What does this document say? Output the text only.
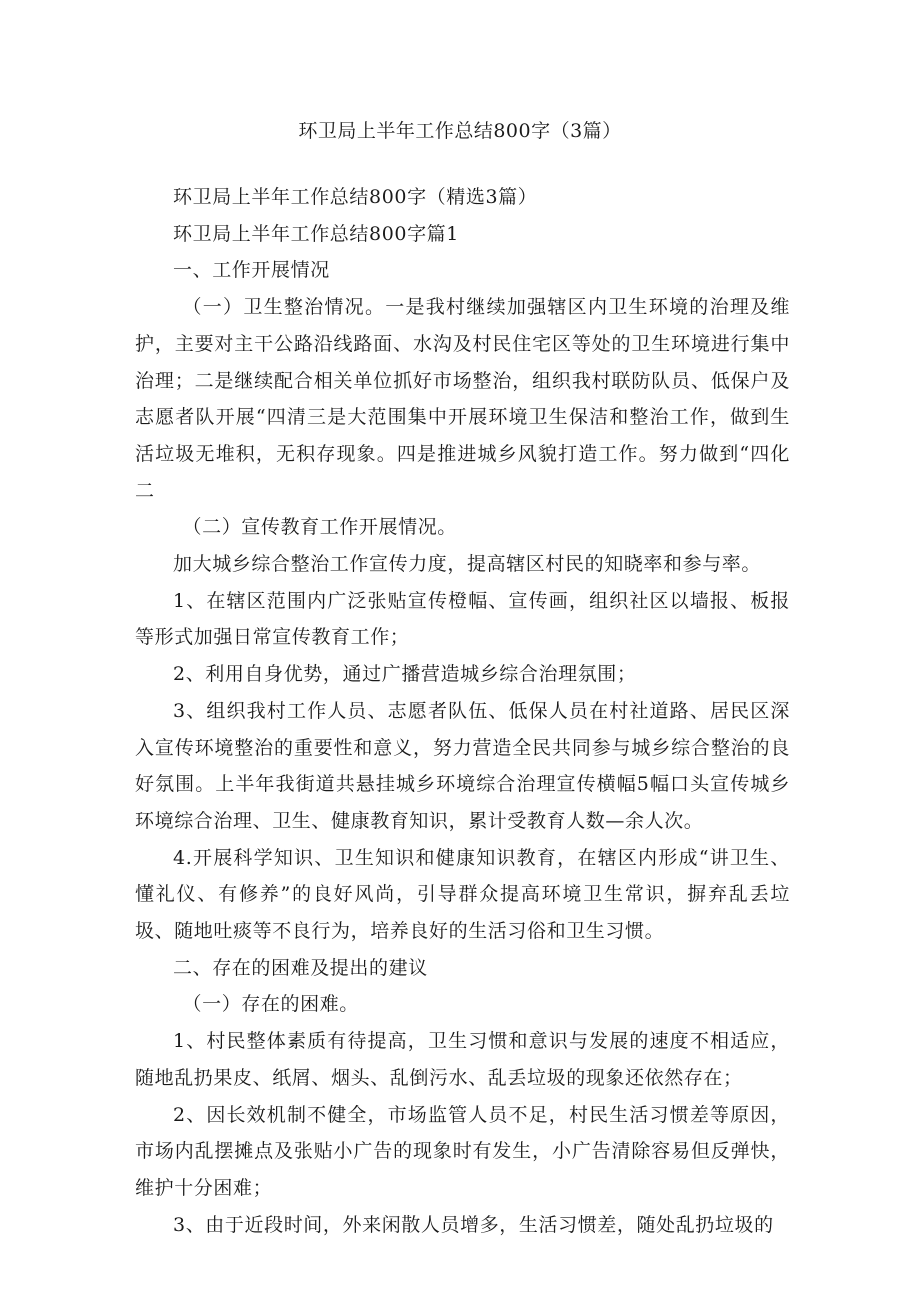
环卫局上半年工作总结800字（3篇）

环卫局上半年工作总结800字（精选3篇）

环卫局上半年工作总结800字篇1

一、工作开展情况

（一）卫生整治情况。一是我村继续加强辖区内卫生环境的治理及维护，主要对主干公路沿线路面、水沟及村民住宅区等处的卫生环境进行集中治理；二是继续配合相关单位抓好市场整治，组织我村联防队员、低保户及志愿者队开展“四清三是大范围集中开展环境卫生保洁和整治工作，做到生活垃圾无堆积，无积存现象。四是推进城乡风貌打造工作。努力做到“四化二

（二）宣传教育工作开展情况。

加大城乡综合整治工作宣传力度，提高辖区村民的知晓率和参与率。

1、在辖区范围内广泛张贴宣传橙幅、宣传画，组织社区以墙报、板报等形式加强日常宣传教育工作；

2、利用自身优势，通过广播营造城乡综合治理氛围；

3、组织我村工作人员、志愿者队伍、低保人员在村社道路、居民区深入宣传环境整治的重要性和意义，努力营造全民共同参与城乡综合整治的良好氛围。上半年我街道共悬挂城乡环境综合治理宣传横幅5幅口头宣传城乡环境综合治理、卫生、健康教育知识，累计受教育人数—余人次。

4.开展科学知识、卫生知识和健康知识教育，在辖区内形成“讲卫生、懂礼仪、有修养”的良好风尚，引导群众提高环境卫生常识，摒弃乱丢垃圾、随地吐痰等不良行为，培养良好的生活习俗和卫生习惯。

二、存在的困难及提出的建议

（一）存在的困难。

1、村民整体素质有待提高，卫生习惯和意识与发展的速度不相适应，随地乱扔果皮、纸屑、烟头、乱倒污水、乱丢垃圾的现象还依然存在；

2、因长效机制不健全，市场监管人员不足，村民生活习惯差等原因，市场内乱摆摊点及张贴小广告的现象时有发生，小广告清除容易但反弹快，维护十分困难；

3、由于近段时间，外来闲散人员增多，生活习惯差，随处乱扔垃圾的
